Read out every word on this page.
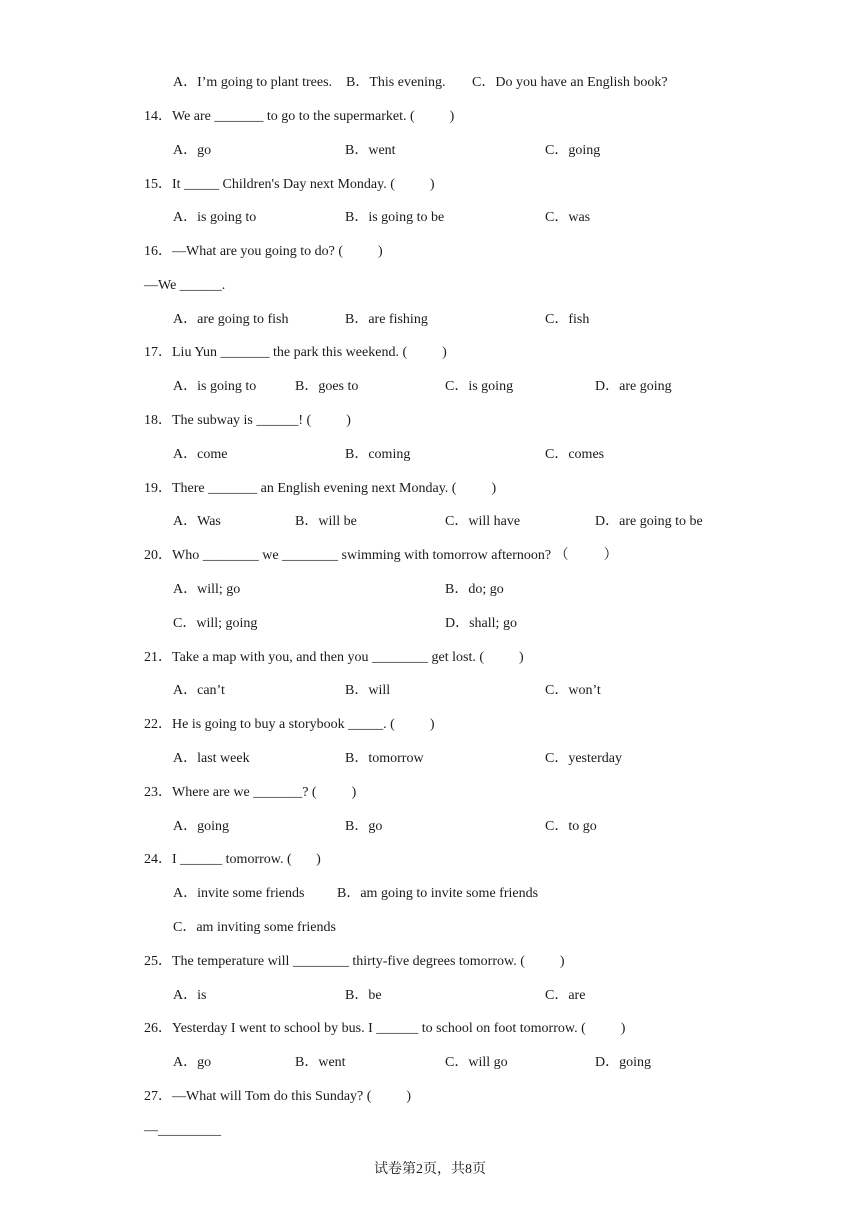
A．I’m going to plant trees. B．This evening. C．Do you have an English book?
14．We are _______ to go to the supermarket. (          )
A．go	B．went	C．going
15．It _____ Children's Day next Monday. (          )
A．is going to	B．is going to be	C．was
16．—What are you going to do? (          )
—We ______.
A．are going to fish	B．are fishing	C．fish
17．Liu Yun _______ the park this weekend. (          )
A．is going to	B．goes to	C．is going	D．are going
18．The subway is ______! (          )
A．come	B．coming	C．comes
19．There _______ an English evening next Monday. (          )
A．Was	B．will be	C．will have	D．are going to be
20．Who ________ we ________ swimming with tomorrow afternoon? （          ）
A．will; go	B．do; go
C．will; going	D．shall; go
21．Take a map with you, and then you ________ get lost. (          )
A．can’t	B．will	C．won’t
22．He is going to buy a storybook _____. (          )
A．last week	B．tomorrow	C．yesterday
23．Where are we _______? (          )
A．going	B．go	C．to go
24．I ______ tomorrow. (       )
A．invite some friends B．am going to invite some friends
C．am inviting some friends
25．The temperature will ________ thirty-five degrees tomorrow. (          )
A．is	B．be	C．are
26．Yesterday I went to school by bus. I ______ to school on foot tomorrow. (          )
A．go	B．went	C．will go	D．going
27．—What will Tom do this Sunday? (          )
—_________
试卷第2页，共8页
